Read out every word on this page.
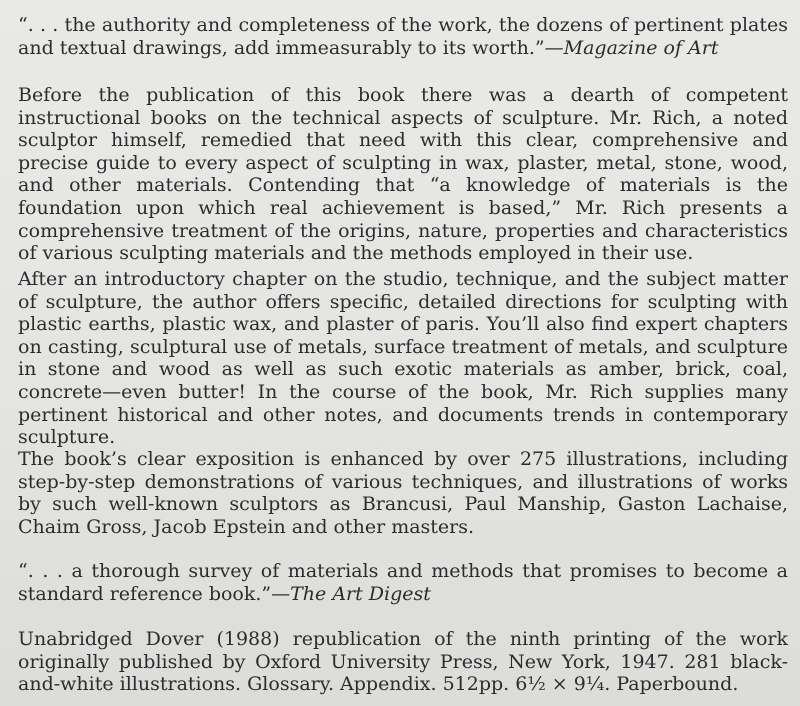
“. . . the authority and completeness of the work, the dozens of pertinent plates and textual drawings, add immeasurably to its worth.”—Magazine of Art

Before the publication of this book there was a dearth of competent instructional books on the technical aspects of sculpture. Mr. Rich, a noted sculptor himself, remedied that need with this clear, comprehensive and precise guide to every aspect of sculpting in wax, plaster, metal, stone, wood, and other materials. Contending that “a knowledge of materials is the foundation upon which real achievement is based,” Mr. Rich presents a comprehensive treatment of the origins, nature, properties and characteristics of various sculpting materials and the methods employed in their use.

After an introductory chapter on the studio, technique, and the subject matter of sculpture, the author offers specific, detailed directions for sculpting with plastic earths, plastic wax, and plaster of paris. You’ll also find expert chapters on casting, sculptural use of metals, surface treatment of metals, and sculpture in stone and wood as well as such exotic materials as amber, brick, coal, concrete—even butter! In the course of the book, Mr. Rich supplies many pertinent historical and other notes, and documents trends in contemporary sculpture.

The book’s clear exposition is enhanced by over 275 illustrations, including step-by-step demonstrations of various techniques, and illustrations of works by such well-known sculptors as Brancusi, Paul Manship, Gaston Lachaise, Chaim Gross, Jacob Epstein and other masters.

“. . . a thorough survey of materials and methods that promises to become a standard reference book.”—The Art Digest

Unabridged Dover (1988) republication of the ninth printing of the work originally published by Oxford University Press, New York, 1947. 281 black-and-white illustrations. Glossary. Appendix. 512pp. 6½ × 9¼. Paperbound.
